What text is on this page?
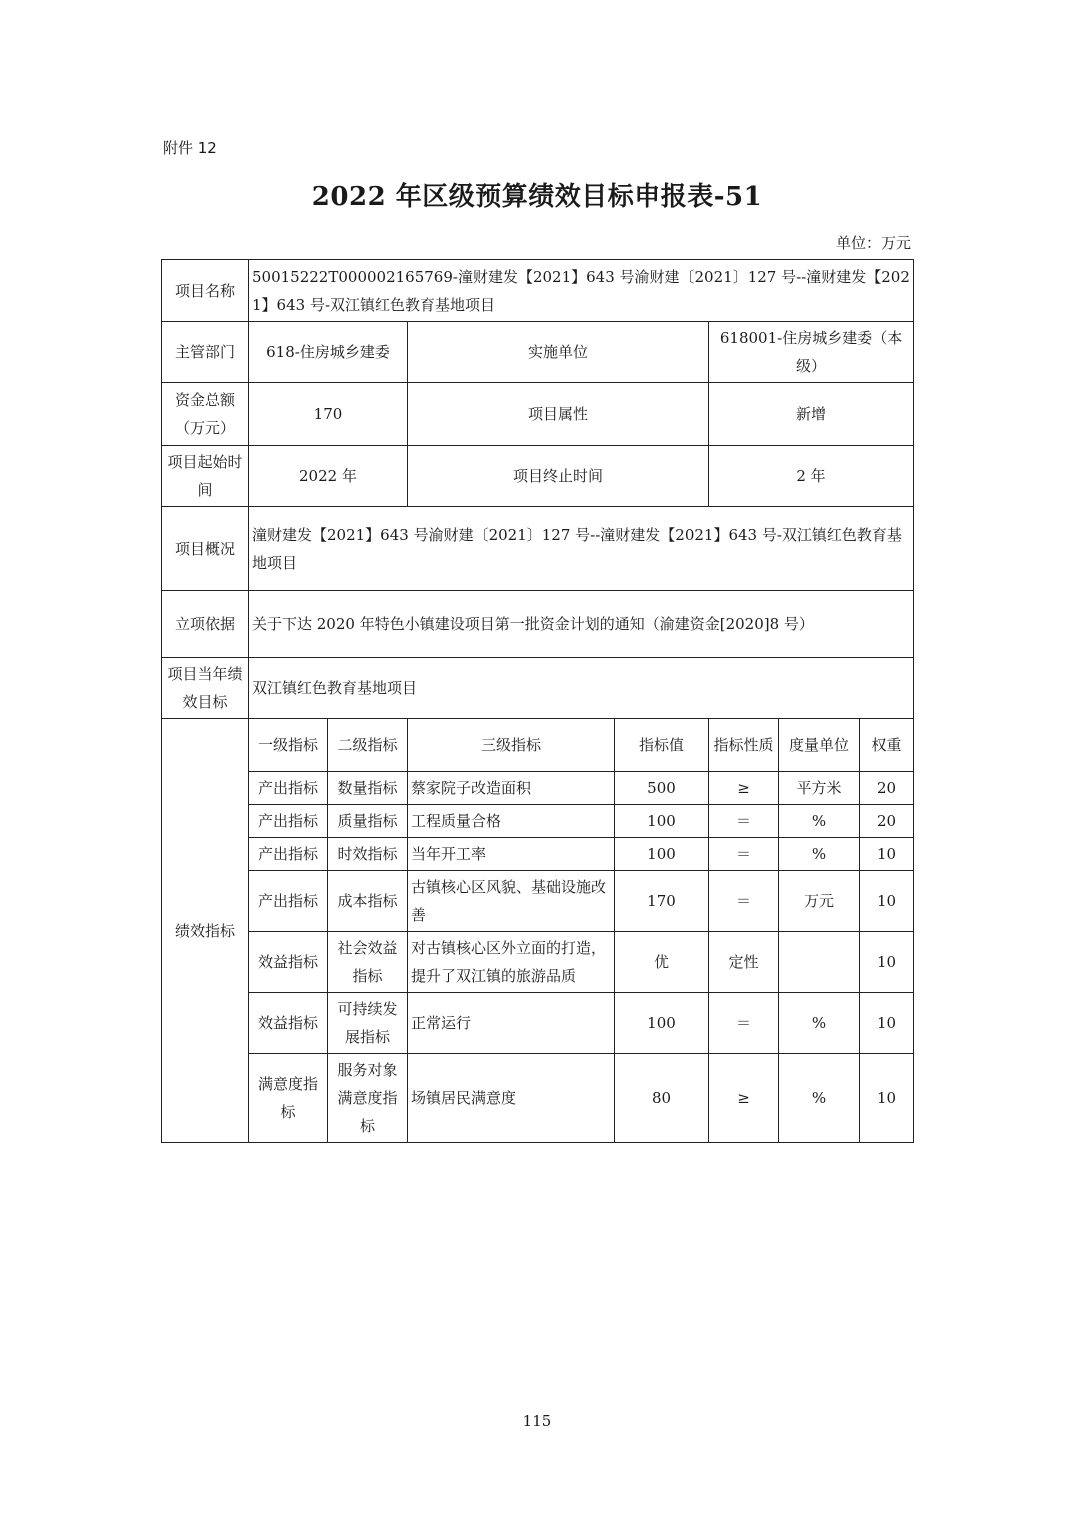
附件 12
2022 年区级预算绩效目标申报表-51
单位：万元
项目名称	50015222T000002165769-潼财建发【2021】643 号渝财建〔2021〕127 号--潼财建发【2021】643 号-双江镇红色教育基地项目						
主管部门	618-住房城乡建委		实施单位		618001-住房城乡建委（本级）		
资金总额（万元）	170		项目属性		新增		
项目起始时间	2022 年		项目终止时间		2 年		
项目概况	潼财建发【2021】643 号渝财建〔2021〕127 号--潼财建发【2021】643 号-双江镇红色教育基地项目						
立项依据	关于下达 2020 年特色小镇建设项目第一批资金计划的通知（渝建资金[2020]8 号）						
项目当年绩效目标	双江镇红色教育基地项目						
绩效指标	一级指标	二级指标	三级指标	指标值	指标性质	度量单位	权重
	产出指标	数量指标	蔡家院子改造面积	500	≥	平方米	20
	产出指标	质量指标	工程质量合格	100	＝	%	20
	产出指标	时效指标	当年开工率	100	＝	%	10
	产出指标	成本指标	古镇核心区风貌、基础设施改善	170	＝	万元	10
	效益指标	社会效益指标	对古镇核心区外立面的打造，提升了双江镇的旅游品质	优	定性		10
	效益指标	可持续发展指标	正常运行	100	＝	%	10
	满意度指标	服务对象满意度指标	场镇居民满意度	80	≥	%	10
115
